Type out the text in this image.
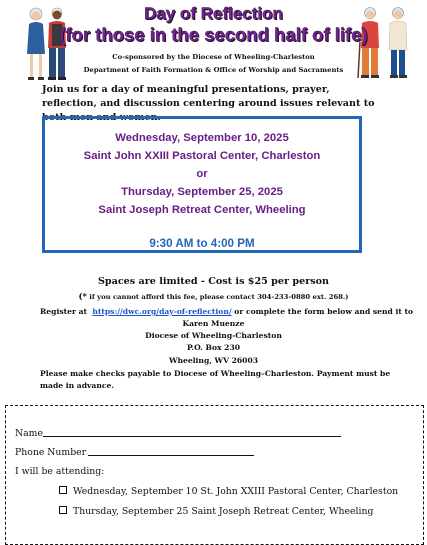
Day of Reflection
(for those in the second half of life)
Co-sponsored by the Diocese of Wheeling-Charleston
Department of Faith Formation & Office of Worship and Sacraments
Join us for a day of meaningful presentations, prayer, reflection, and discussion centering around issues relevant to both men and women.
Wednesday, September 10, 2025
Saint John XXIII Pastoral Center, Charleston
or
Thursday, September 25, 2025
Saint Joseph Retreat Center, Wheeling
9:30 AM to 4:00 PM
Spaces are limited - Cost is $25 per person
(* if you cannot afford this fee, please contact 304-233-0880 ext. 268.)
Register at  https://dwc.org/day-of-reflection/ or complete the form below and send it to
Karen Muenze
Diocese of Wheeling-Charleston
P.O. Box 230
Wheeling, WV 26003
Please make checks payable to Diocese of Wheeling–Charleston. Payment must be made in advance.
Name
Phone Number
I will be attending:
Wednesday, September 10 St. John XXIII Pastoral Center, Charleston
Thursday, September 25 Saint Joseph Retreat Center, Wheeling
